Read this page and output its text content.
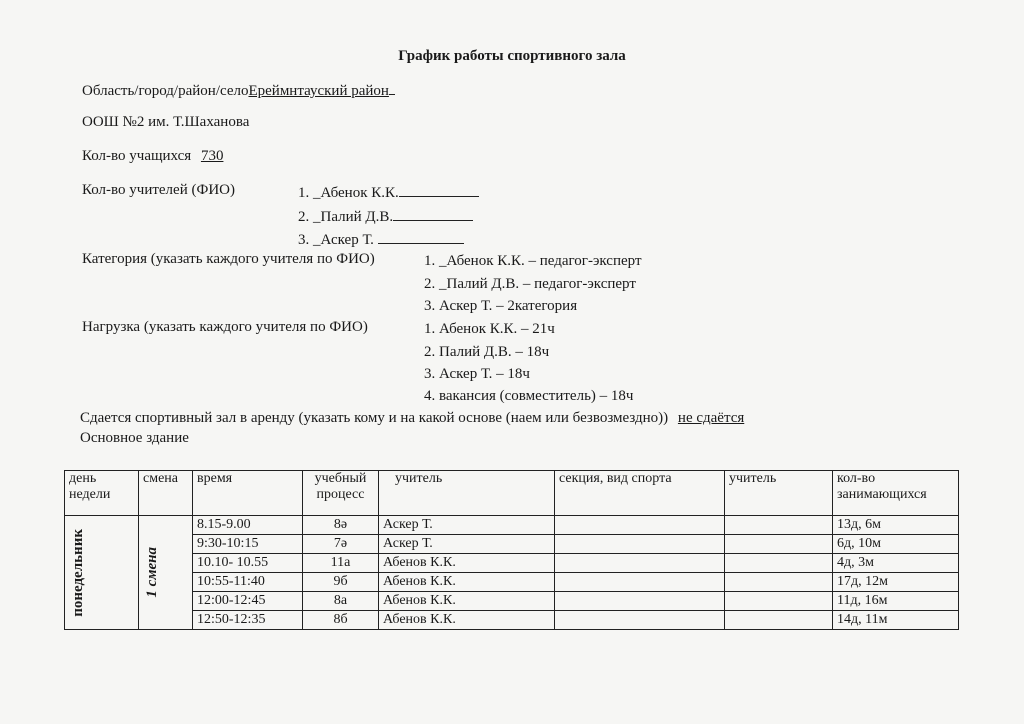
График работы спортивного зала
Область/город/район/селоЕреймнтауский район
ООШ №2 им. Т.Шаханова
Кол-во учащихся 730
Кол-во учителей (ФИО)	1. _Абенок К.К.
2. _Палий Д.В.
3. _Аскер Т.
Категория (указать каждого учителя по ФИО)	1. _Абенок К.К. – педагог-эксперт
2. _Палий Д.В. – педагог-эксперт
3. Аскер Т. – 2категория
Нагрузка (указать каждого учителя по ФИО)	1. Абенок К.К. – 21ч
2. Палий Д.В. – 18ч
3. Аскер Т. – 18ч
4. вакансия (совместитель) – 18ч
Сдается спортивный зал в аренду (указать кому и на какой основе (наем или безвозмездно)) не сдаётся
Основное здание
день недели	смена	время	учебный процесс	учитель	секция, вид спорта	учитель	кол-во занимающихся

понедельник	1 смена	8.15-9.00	8ә	Аскер Т.			13д, 6м
		9:30-10:15	7ә	Аскер Т.			6д, 10м
		10.10- 10.55	11а	Абенов К.К.			4д, 3м
		10:55-11:40	9б	Абенов К.К.			17д, 12м
		12:00-12:45	8а	Абенов К.К.			11д, 16м
		12:50-12:35	8б	Абенов К.К.			14д, 11м
